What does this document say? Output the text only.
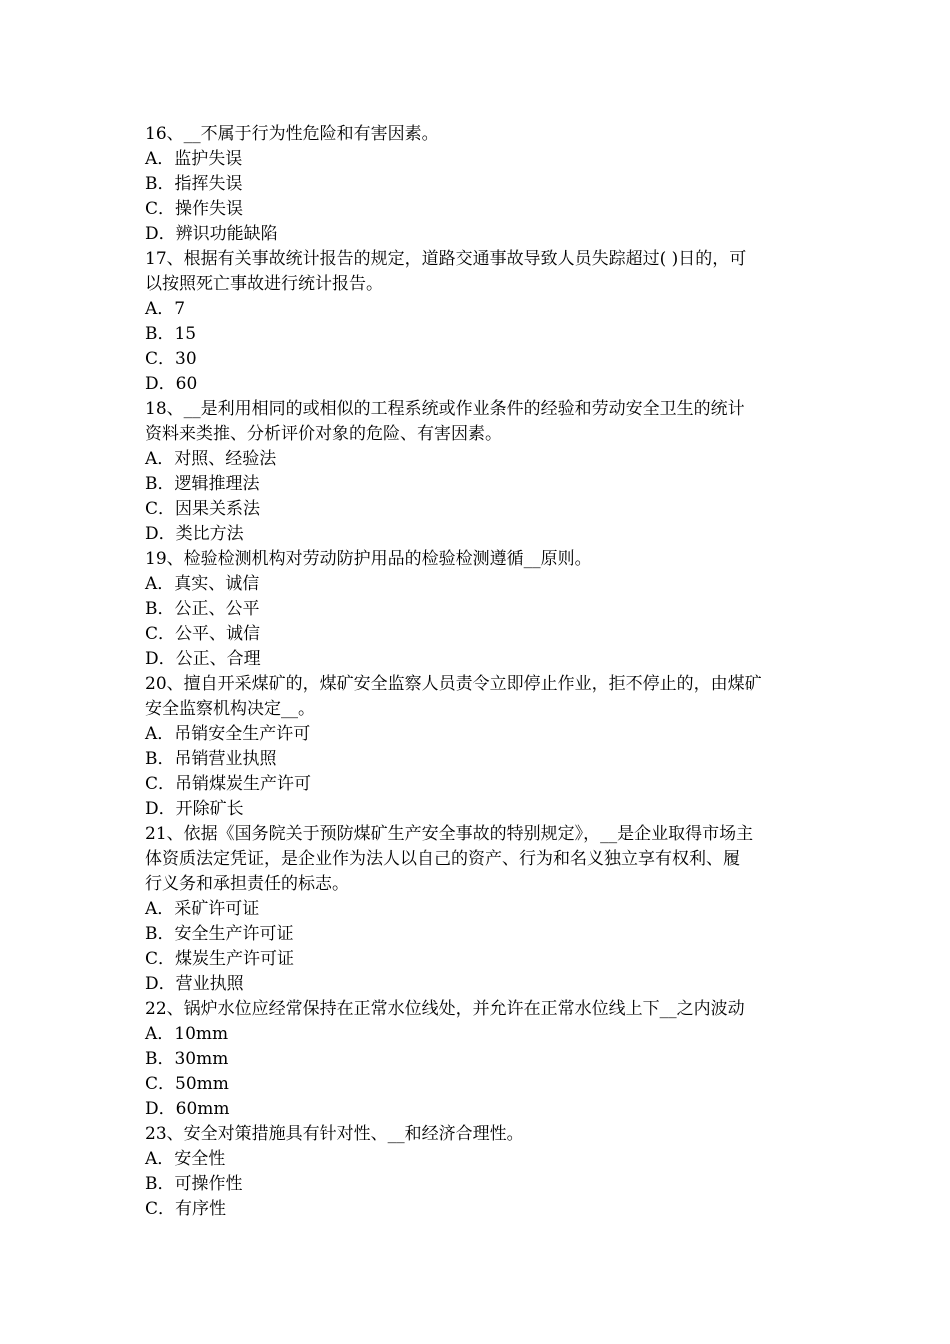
16、__不属于行为性危险和有害因素。
A．监护失误
B．指挥失误
C．操作失误
D．辨识功能缺陷
17、根据有关事故统计报告的规定，道路交通事故导致人员失踪超过( )日的，可
以按照死亡事故进行统计报告。
A．7
B．15
C．30
D．60
18、__是利用相同的或相似的工程系统或作业条件的经验和劳动安全卫生的统计
资料来类推、分析评价对象的危险、有害因素。
A．对照、经验法
B．逻辑推理法
C．因果关系法
D．类比方法
19、检验检测机构对劳动防护用品的检验检测遵循__原则。
A．真实、诚信
B．公正、公平
C．公平、诚信
D．公正、合理
20、擅自开采煤矿的，煤矿安全监察人员责令立即停止作业，拒不停止的，由煤矿
安全监察机构决定__。
A．吊销安全生产许可
B．吊销营业执照
C．吊销煤炭生产许可
D．开除矿长
21、依据《国务院关于预防煤矿生产安全事故的特别规定》，__是企业取得市场主
体资质法定凭证，是企业作为法人以自己的资产、行为和名义独立享有权利、履
行义务和承担责任的标志。
A．采矿许可证
B．安全生产许可证
C．煤炭生产许可证
D．营业执照
22、锅炉水位应经常保持在正常水位线处，并允许在正常水位线上下__之内波动
A．10mm
B．30mm
C．50mm
D．60mm
23、安全对策措施具有针对性、__和经济合理性。
A．安全性
B．可操作性
C．有序性
